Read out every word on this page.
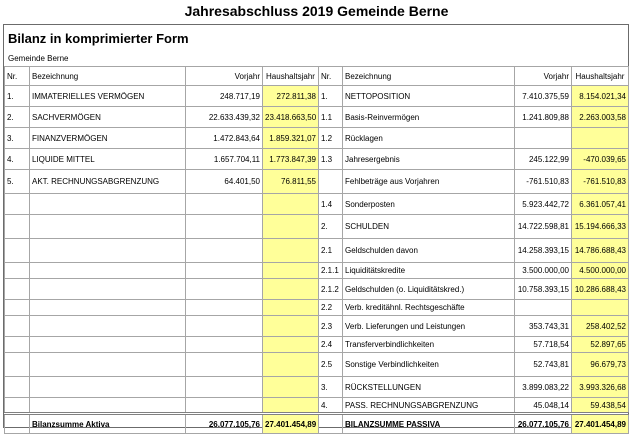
Jahresabschluss 2019 Gemeinde Berne
Bilanz in komprimierter Form
Gemeinde Berne
Nr.	Bezeichnung	Vorjahr	Haushaltsjahr	Nr.	Bezeichnung	Vorjahr	Haushaltsjahr
1.	IMMATERIELLES VERMÖGEN	248.717,19	272.811,38	1.	NETTOPOSITION	7.410.375,59	8.154.021,34
2.	SACHVERMÖGEN	22.633.439,32	23.418.663,50	1.1	Basis-Reinvermögen	1.241.809,88	2.263.003,58
3.	FINANZVERMÖGEN	1.472.843,64	1.859.321,07	1.2	Rücklagen		
4.	LIQUIDE MITTEL	1.657.704,11	1.773.847,39	1.3	Jahresergebnis	245.122,99	-470.039,65
5.	AKT. RECHNUNGSABGRENZUNG	64.401,50	76.811,55		Fehlbeträge aus Vorjahren	-761.510,83	-761.510,83
				1.4	Sonderposten	5.923.442,72	6.361.057,41
				2.	SCHULDEN	14.722.598,81	15.194.666,33
				2.1	Geldschulden davon	14.258.393,15	14.786.688,43
				2.1.1	Liquiditätskredite	3.500.000,00	4.500.000,00
				2.1.2	Geldschulden (o. Liquiditätskred.)	10.758.393,15	10.286.688,43
				2.2	Verb. kreditähnl. Rechtsgeschäfte		
				2.3	Verb. Lieferungen und Leistungen	353.743,31	258.402,52
				2.4	Transferverbindlichkeiten	57.718,54	52.897,65
				2.5	Sonstige Verbindlichkeiten	52.743,81	96.679,73
				3.	RÜCKSTELLUNGEN	3.899.083,22	3.993.326,68
				4.	PASS. RECHNUNGSABGRENZUNG	45.048,14	59.438,54
	Bilanzsumme Aktiva	26.077.105,76	27.401.454,89		BILANZSUMME PASSIVA	26.077.105,76	27.401.454,89
